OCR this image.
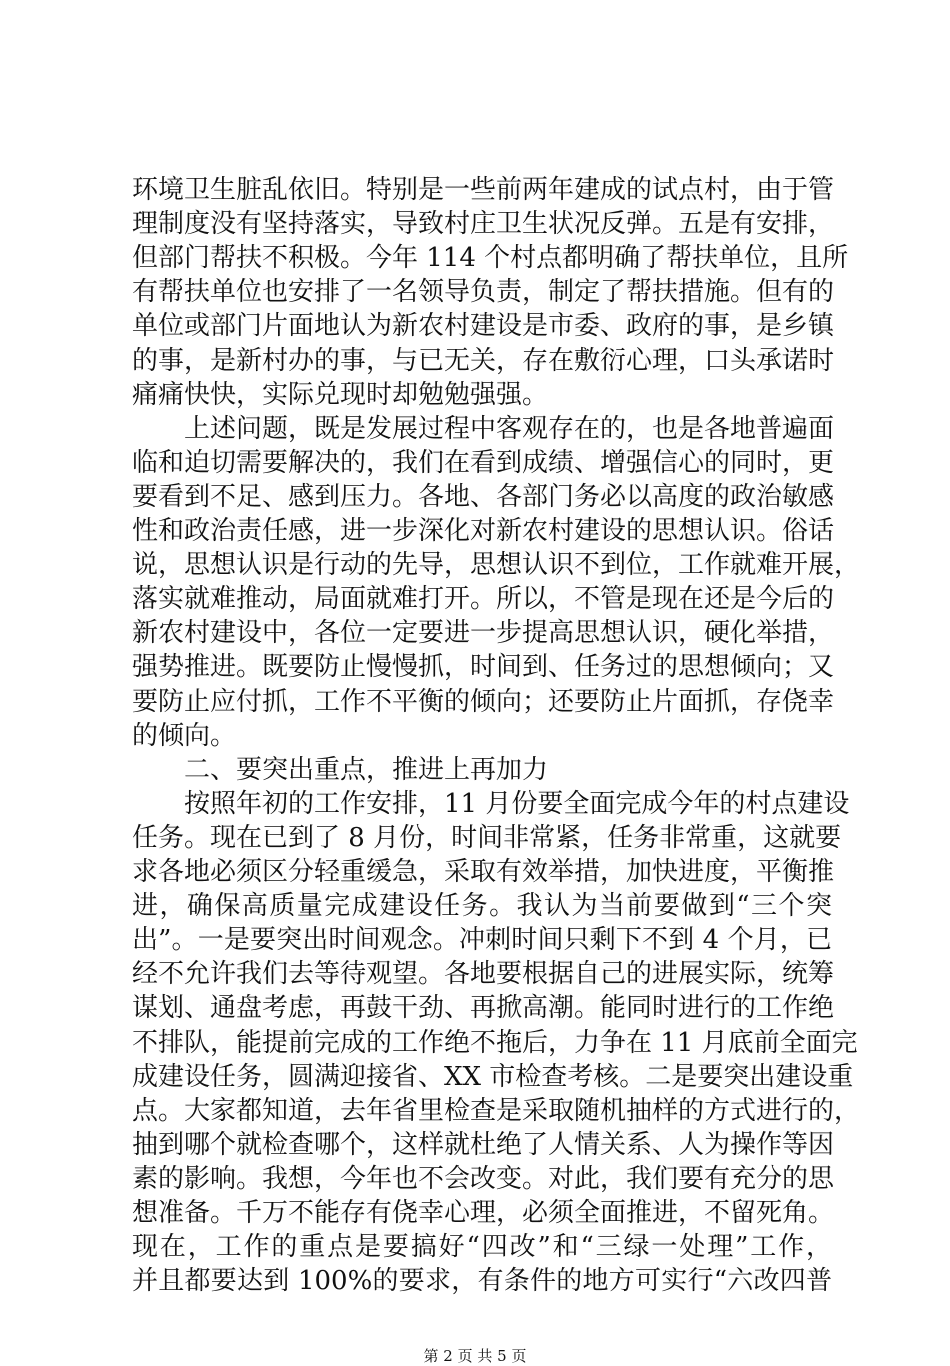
环境卫生脏乱依旧。特别是一些前两年建成的试点村，由于管
理制度没有坚持落实，导致村庄卫生状况反弹。五是有安排，
但部门帮扶不积极。今年 114 个村点都明确了帮扶单位，且所
有帮扶单位也安排了一名领导负责，制定了帮扶措施。但有的
单位或部门片面地认为新农村建设是市委、政府的事，是乡镇
的事，是新村办的事，与已无关，存在敷衍心理，口头承诺时
痛痛快快，实际兑现时却勉勉强强。
上述问题，既是发展过程中客观存在的，也是各地普遍面
临和迫切需要解决的，我们在看到成绩、增强信心的同时，更
要看到不足、感到压力。各地、各部门务必以高度的政治敏感
性和政治责任感，进一步深化对新农村建设的思想认识。俗话
说，思想认识是行动的先导，思想认识不到位，工作就难开展，
落实就难推动，局面就难打开。所以，不管是现在还是今后的
新农村建设中，各位一定要进一步提高思想认识，硬化举措，
强势推进。既要防止慢慢抓，时间到、任务过的思想倾向；又
要防止应付抓，工作不平衡的倾向；还要防止片面抓，存侥幸
的倾向。
二、要突出重点，推进上再加力
按照年初的工作安排，11 月份要全面完成今年的村点建设
任务。现在已到了 8 月份，时间非常紧，任务非常重，这就要
求各地必须区分轻重缓急，采取有效举措，加快进度，平衡推
进，确保高质量完成建设任务。我认为当前要做到“三个突
出”。一是要突出时间观念。冲刺时间只剩下不到 4 个月，已
经不允许我们去等待观望。各地要根据自己的进展实际，统筹
谋划、通盘考虑，再鼓干劲、再掀高潮。能同时进行的工作绝
不排队，能提前完成的工作绝不拖后，力争在 11 月底前全面完
成建设任务，圆满迎接省、XX 市检查考核。二是要突出建设重
点。大家都知道，去年省里检查是采取随机抽样的方式进行的，
抽到哪个就检查哪个，这样就杜绝了人情关系、人为操作等因
素的影响。我想，今年也不会改变。对此，我们要有充分的思
想准备。千万不能存有侥幸心理，必须全面推进，不留死角。
现在，工作的重点是要搞好“四改”和“三绿一处理”工作，
并且都要达到 100%的要求，有条件的地方可实行“六改四普
第 2 页 共 5 页
